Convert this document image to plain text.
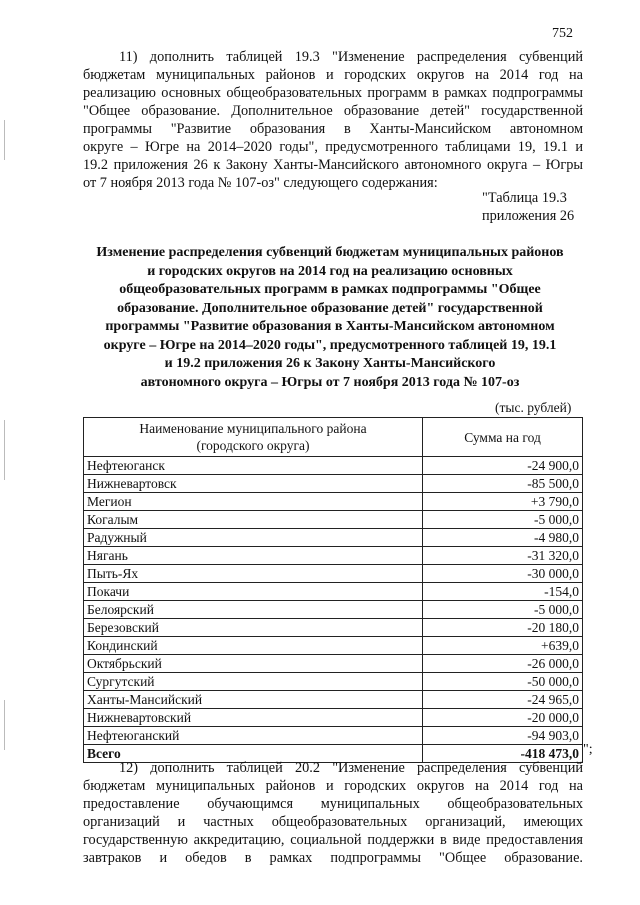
752
11) дополнить таблицей 19.3 "Изменение распределения субвенций
бюджетам муниципальных районов и городских округов на 2014 год на
реализацию основных общеобразовательных программ в рамках подпрограммы
"Общее образование. Дополнительное образование детей" государственной
программы "Развитие образования в Ханты-Мансийском автономном
округе – Югре на 2014–2020 годы", предусмотренного таблицами 19, 19.1 и
19.2 приложения 26 к Закону Ханты-Мансийского автономного округа – Югры
от 7 ноября 2013 года № 107-оз" следующего содержания:
"Таблица 19.3
приложения 26
Изменение распределения субвенций бюджетам муниципальных районов
и городских округов на 2014 год на реализацию основных
общеобразовательных программ в рамках подпрограммы "Общее
образование. Дополнительное образование детей" государственной
программы "Развитие образования в Ханты-Мансийском автономном
округе – Югре на 2014–2020 годы", предусмотренного таблицей 19, 19.1
и 19.2 приложения 26 к Закону Ханты-Мансийского
автономного округа – Югры от 7 ноября 2013 года № 107-оз
(тыс. рублей)
Наименование муниципального района
(городского округа)	Сумма на год
Нефтеюганск	-24 900,0
Нижневартовск	-85 500,0
Мегион	+3 790,0
Когалым	-5 000,0
Радужный	-4 980,0
Нягань	-31 320,0
Пыть-Ях	-30 000,0
Покачи	-154,0
Белоярский	-5 000,0
Березовский	-20 180,0
Кондинский	+639,0
Октябрьский	-26 000,0
Сургутский	-50 000,0
Ханты-Мансийский	-24 965,0
Нижневартовский	-20 000,0
Нефтеюганский	-94 903,0
Всего	-418 473,0 ";
12) дополнить таблицей 20.2 "Изменение распределения субвенций
бюджетам муниципальных районов и городских округов на 2014 год на
предоставление обучающимся муниципальных общеобразовательных
организаций и частных общеобразовательных организаций, имеющих
государственную аккредитацию, социальной поддержки в виде предоставления
завтраков и обедов в рамках подпрограммы "Общее образование.
